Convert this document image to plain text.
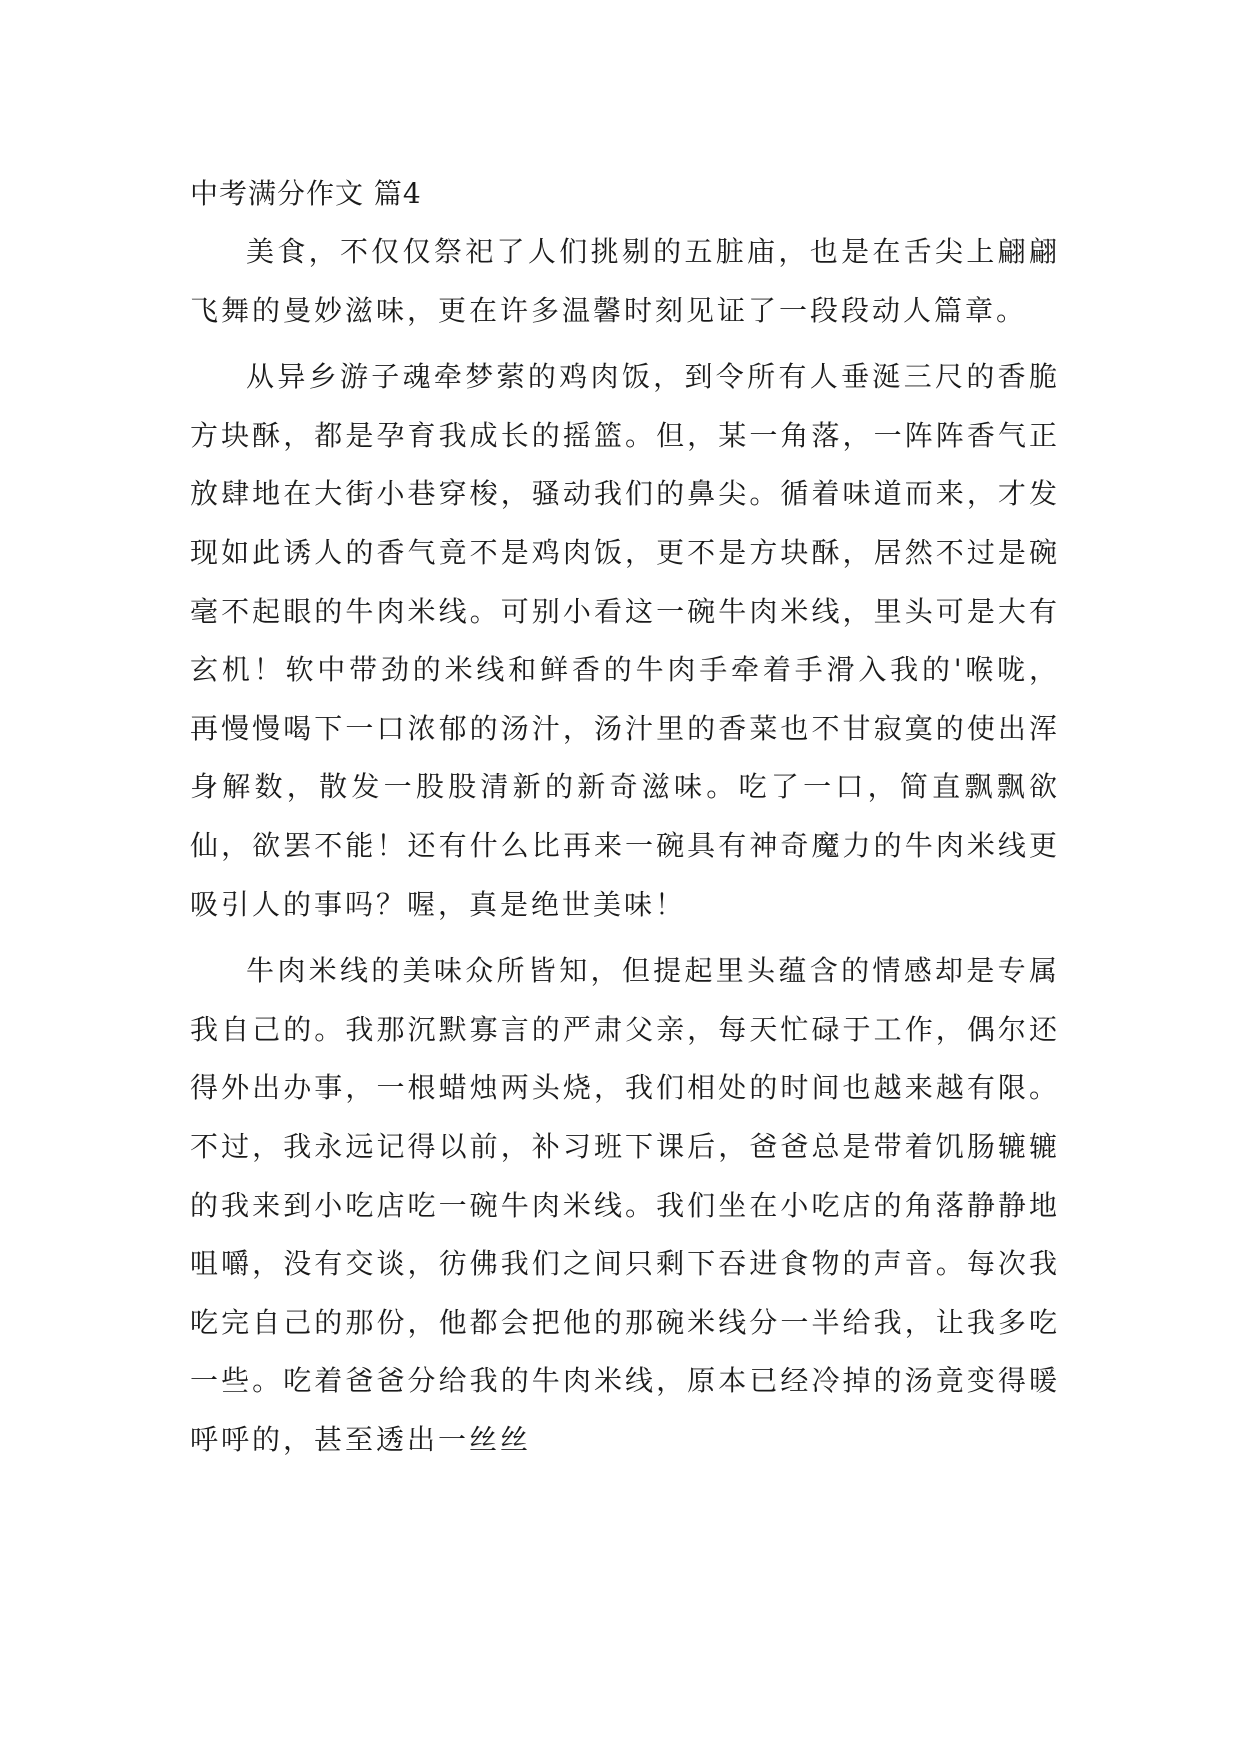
中考满分作文 篇4

美食，不仅仅祭祀了人们挑剔的五脏庙，也是在舌尖上翩翩飞舞的曼妙滋味，更在许多温馨时刻见证了一段段动人篇章。

从异乡游子魂牵梦萦的鸡肉饭，到令所有人垂涎三尺的香脆方块酥，都是孕育我成长的摇篮。但，某一角落，一阵阵香气正放肆地在大街小巷穿梭，骚动我们的鼻尖。循着味道而来，才发现如此诱人的香气竟不是鸡肉饭，更不是方块酥，居然不过是碗毫不起眼的牛肉米线。可别小看这一碗牛肉米线，里头可是大有玄机！软中带劲的米线和鲜香的牛肉手牵着手滑入我的'喉咙，再慢慢喝下一口浓郁的汤汁，汤汁里的香菜也不甘寂寞的使出浑身解数，散发一股股清新的新奇滋味。吃了一口，简直飘飘欲仙，欲罢不能！还有什么比再来一碗具有神奇魔力的牛肉米线更吸引人的事吗？喔，真是绝世美味！

牛肉米线的美味众所皆知，但提起里头蕴含的情感却是专属我自己的。我那沉默寡言的严肃父亲，每天忙碌于工作，偶尔还得外出办事，一根蜡烛两头烧，我们相处的时间也越来越有限。不过，我永远记得以前，补习班下课后，爸爸总是带着饥肠辘辘的我来到小吃店吃一碗牛肉米线。我们坐在小吃店的角落静静地咀嚼，没有交谈，彷佛我们之间只剩下吞进食物的声音。每次我吃完自己的那份，他都会把他的那碗米线分一半给我，让我多吃一些。吃着爸爸分给我的牛肉米线，原本已经冷掉的汤竟变得暖呼呼的，甚至透出一丝丝
